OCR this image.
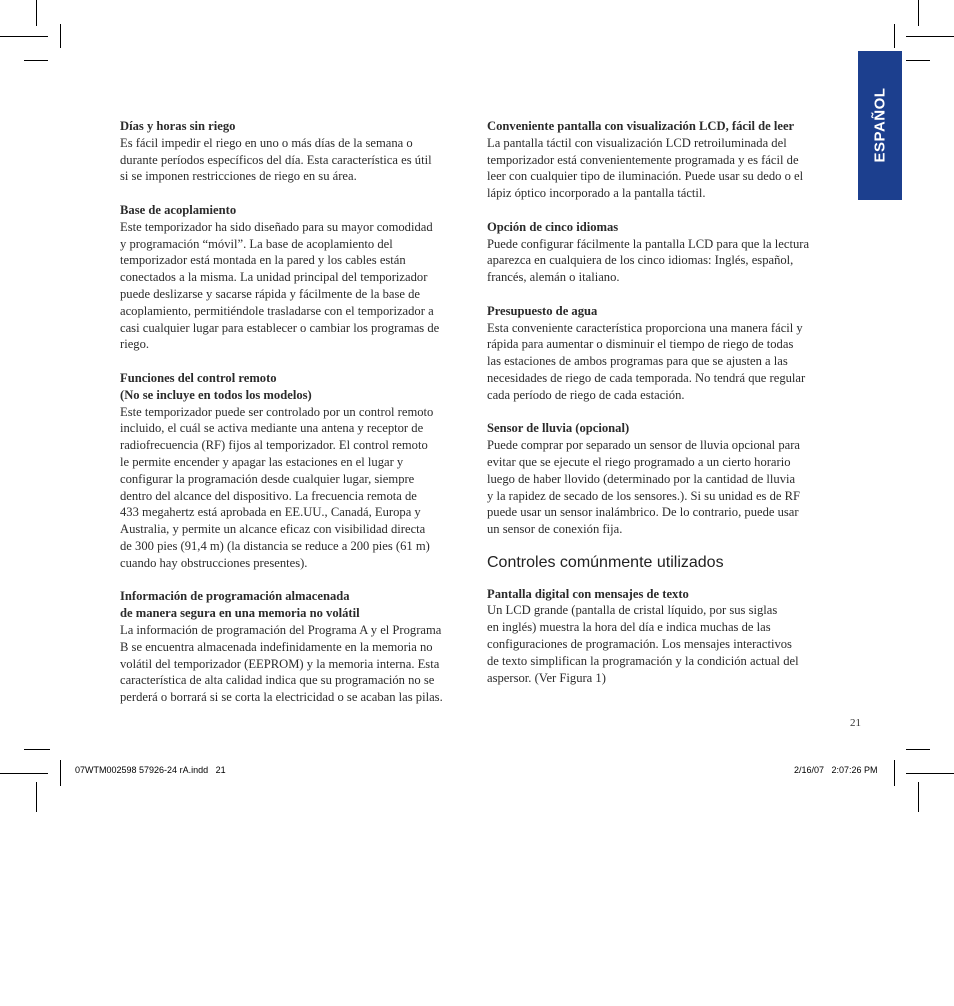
ESPAÑOL

Días y horas sin riego

Es fácil impedir el riego en uno o más días de la semana o
durante períodos específicos del día. Esta característica es útil
si se imponen restricciones de riego en su área.

Base de acoplamiento

Este temporizador ha sido diseñado para su mayor comodidad
y programación “móvil”. La base de acoplamiento del
temporizador está montada en la pared y los cables están
conectados a la misma. La unidad principal del temporizador
puede deslizarse y sacarse rápida y fácilmente de la base de
acoplamiento, permitiéndole trasladarse con el temporizador a
casi cualquier lugar para establecer o cambiar los programas de
riego.

Funciones del control remoto
(No se incluye en todos los modelos)

Este temporizador puede ser controlado por un control remoto
incluido, el cuál se activa mediante una antena y receptor de
radiofrecuencia (RF) fijos al temporizador. El control remoto
le permite encender y apagar las estaciones en el lugar y
configurar la programación desde cualquier lugar, siempre
dentro del alcance del dispositivo. La frecuencia remota de
433 megahertz está aprobada en EE.UU., Canadá, Europa y
Australia, y permite un alcance eficaz con visibilidad directa
de 300 pies (91,4 m) (la distancia se reduce a 200 pies (61 m)
cuando hay obstrucciones presentes).

Información de programación almacenada
de manera segura en una memoria no volátil

La información de programación del Programa A y el Programa
B se encuentra almacenada indefinidamente en la memoria no
volátil del temporizador (EEPROM) y la memoria interna. Esta
característica de alta calidad indica que su programación no se
perderá o borrará si se corta la electricidad o se acaban las pilas.

Conveniente pantalla con visualización LCD, fácil de leer

La pantalla táctil con visualización LCD retroiluminada del
temporizador está convenientemente programada y es fácil de
leer con cualquier tipo de iluminación. Puede usar su dedo o el
lápiz óptico incorporado a la pantalla táctil.

Opción de cinco idiomas

Puede configurar fácilmente la pantalla LCD para que la lectura
aparezca en cualquiera de los cinco idiomas: Inglés, español,
francés, alemán o italiano.

Presupuesto de agua

Esta conveniente característica proporciona una manera fácil y
rápida para aumentar o disminuir el tiempo de riego de todas
las estaciones de ambos programas para que se ajusten a las
necesidades de riego de cada temporada. No tendrá que regular
cada período de riego de cada estación.

Sensor de lluvia (opcional)

Puede comprar por separado un sensor de lluvia opcional para
evitar que se ejecute el riego programado a un cierto horario
luego de haber llovido (determinado por la cantidad de lluvia
y la rapidez de secado de los sensores.). Si su unidad es de RF
puede usar un sensor inalámbrico. De lo contrario, puede usar
un sensor de conexión fija.

Controles comúnmente utilizados

Pantalla digital con mensajes de texto

Un LCD grande (pantalla de cristal líquido, por sus siglas
en inglés) muestra la hora del día e indica muchas de las
configuraciones de programación. Los mensajes interactivos
de texto simplifican la programación y la condición actual del
aspersor. (Ver Figura 1)

21
07WTM002598 57926-24 rA.indd   21	2/16/07   2:07:26 PM
